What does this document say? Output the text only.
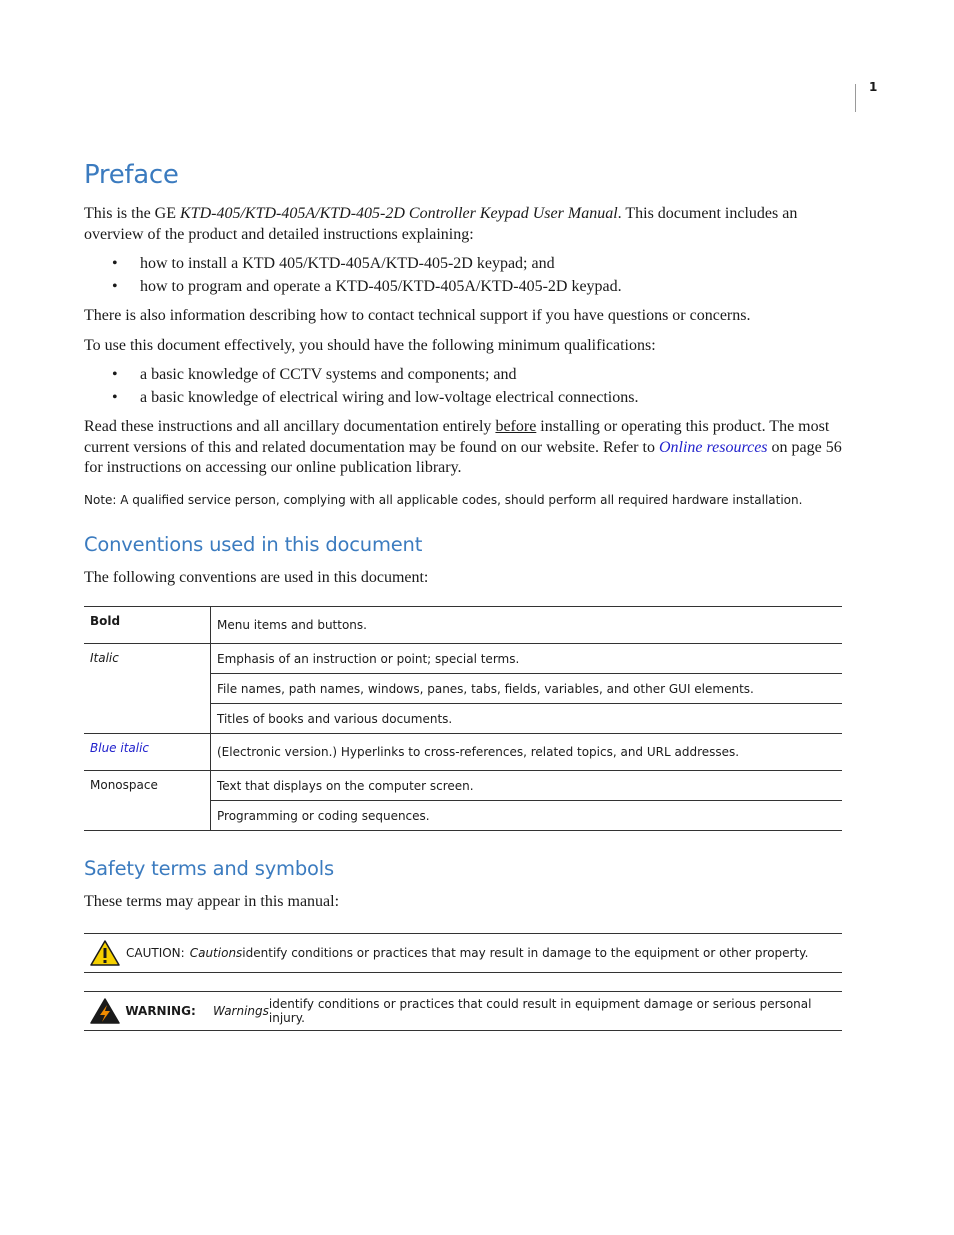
1
Preface

This is the GE KTD-405/KTD-405A/KTD-405-2D Controller Keypad User Manual. This document includes an overview of the product and detailed instructions explaining:

• how to install a KTD 405/KTD-405A/KTD-405-2D keypad; and
• how to program and operate a KTD-405/KTD-405A/KTD-405-2D keypad.

There is also information describing how to contact technical support if you have questions or concerns.

To use this document effectively, you should have the following minimum qualifications:

• a basic knowledge of CCTV systems and components; and
• a basic knowledge of electrical wiring and low-voltage electrical connections.

Read these instructions and all ancillary documentation entirely before installing or operating this product. The most current versions of this and related documentation may be found on our website. Refer to Online resources on page 56 for instructions on accessing our online publication library.

Note: A qualified service person, complying with all applicable codes, should perform all required hardware installation.
Conventions used in this document

The following conventions are used in this document:

Bold	Menu items and buttons.
Italic	Emphasis of an instruction or point; special terms.
	File names, path names, windows, panes, tabs, fields, variables, and other GUI elements.
	Titles of books and various documents.
Blue italic	(Electronic version.) Hyperlinks to cross-references, related topics, and URL addresses.
Monospace	Text that displays on the computer screen.
	Programming or coding sequences.
Safety terms and symbols

These terms may appear in this manual:

CAUTION: Cautions identify conditions or practices that may result in damage to the equipment or other property.
WARNING:	Warnings identify conditions or practices that could result in equipment damage or serious personal injury.
